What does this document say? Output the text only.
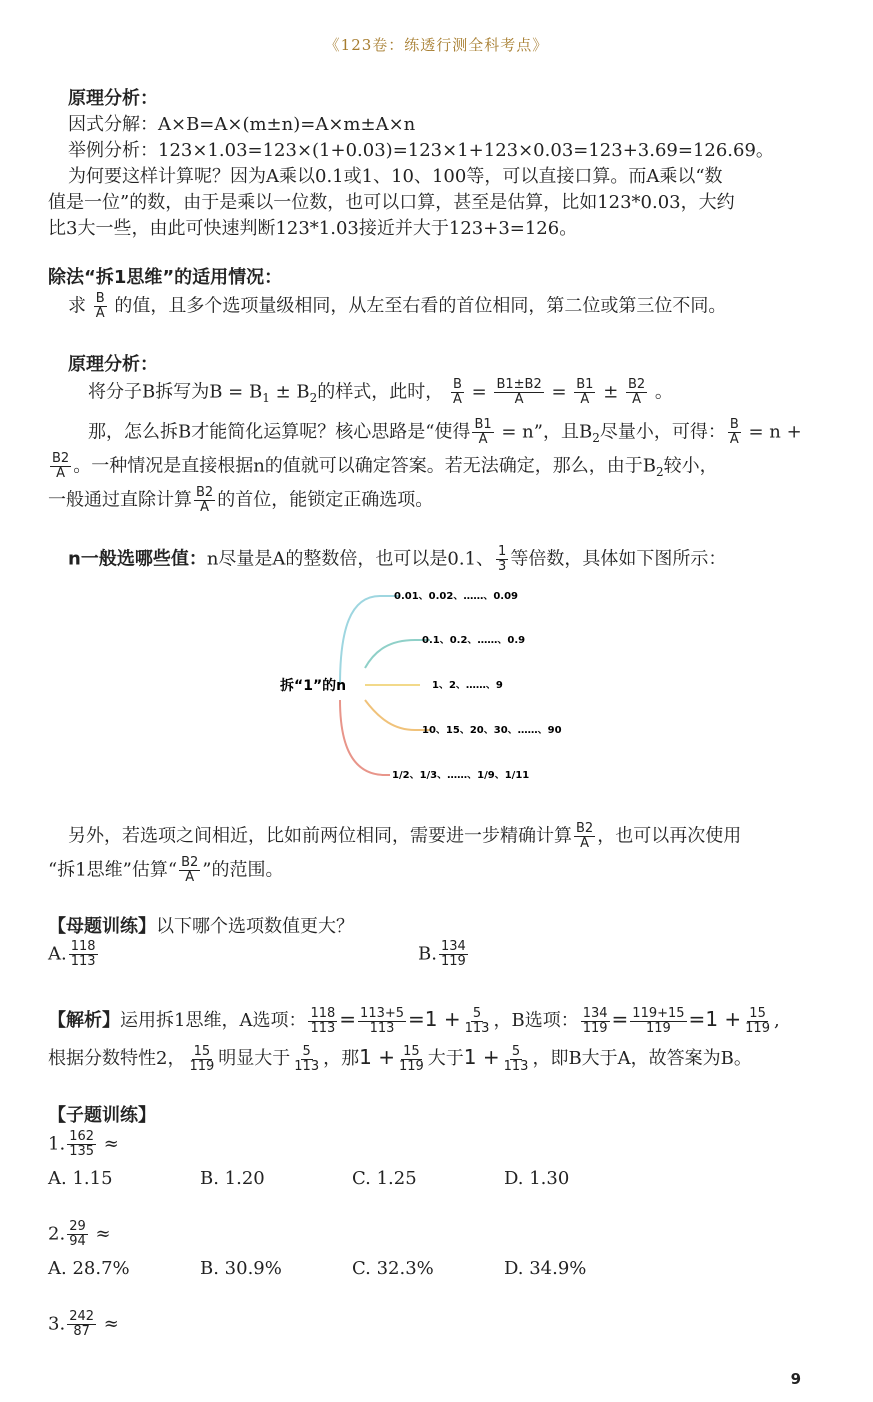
《123卷：练透行测全科考点》
原理分析：
因式分解：A×B=A×(m±n)=A×m±A×n
举例分析：123×1.03=123×(1+0.03)=123×1+123×0.03=123+3.69=126.69。
为何要这样计算呢？因为A乘以0.1或1、10、100等，可以直接口算。而A乘以“数
值是一位”的数，由于是乘以一位数，也可以口算，甚至是估算，比如123*0.03，大约
比3大一些，由此可快速判断123*1.03接近并大于123+3=126。
除法“拆1思维”的适用情况：
求 $\frac{B}{A}$ 的值，且多个选项量级相同，从左至右看的首位相同，第二位或第三位不同。
原理分析：
将分子B拆写为$B = B_1 \pm B_2$的样式，此时， $\frac{B}{A} = \frac{B1\pm B2}{A} = \frac{B1}{A} \pm \frac{B2}{A}$ 。
那，怎么拆B才能简化运算呢？核心思路是“使得 $\frac{B1}{A} = n$”，且$B_2$尽量小，可得： $\frac{B}{A} = n$ +
$\frac{B2}{A}$ 。一种情况是直接根据n的值就可以确定答案。若无法确定，那么，由于$B_2$较小，
一般通过直除计算 $\frac{B2}{A}$ 的首位，能锁定正确选项。
n一般选哪些值：n尽量是A的整数倍，也可以是0.1、 $\frac{1}{3}$ 等倍数，具体如下图所示：
拆“1”的n
0.01、0.02、……、0.09
0.1、0.2、……、0.9
1、2、……、9
10、15、20、30、……、90
1/2、1/3、……、1/9、1/11
另外，若选项之间相近，比如前两位相同，需要进一步精确计算 $\frac{B2}{A}$ ，也可以再次使用
“拆1思维”估算“ $\frac{B2}{A}$ ”的范围。
【母题训练】以下哪个选项数值更大？
A. $\frac{118}{113}$	B. $\frac{134}{119}$
【解析】运用拆1思维，A选项： $\frac{118}{113} = \frac{113+5}{113} =1 + \frac{5}{113}$ ，B选项： $\frac{134}{119} = \frac{119+15}{119} =1 + \frac{15}{119}$ ,
根据分数特性2， $\frac{15}{119}$ 明显大于 $\frac{5}{113}$ ，那$1 + \frac{15}{119}$ 大于$1 + \frac{5}{113}$ ，即B大于A，故答案为B。
【子题训练】
1. $\frac{162}{135}$ ≈
A. 1.15	B. 1.20	C. 1.25	D. 1.30
2. $\frac{29}{94}$ ≈
A. 28.7%	B. 30.9%	C. 32.3%	D. 34.9%
3. $\frac{242}{87}$ ≈
9
